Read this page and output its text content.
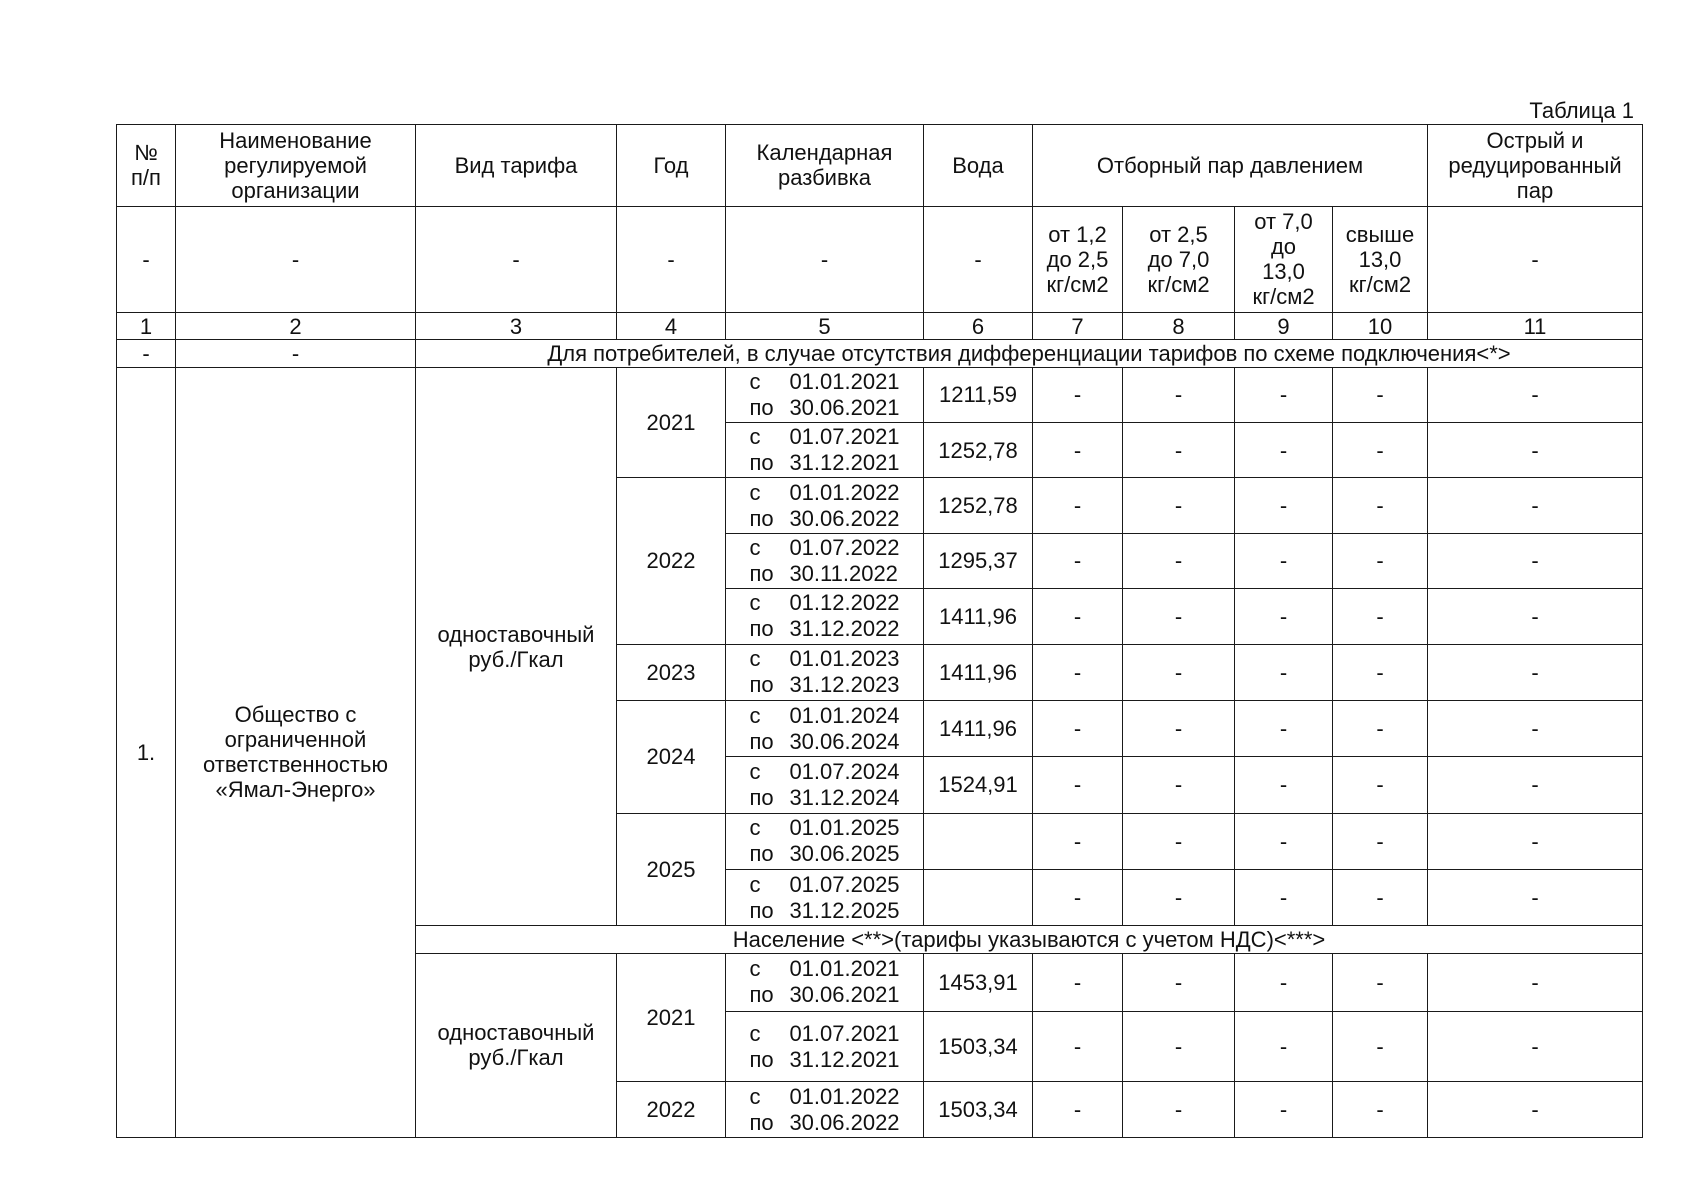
Таблица 1
№
п/п	Наименование
регулируемой
организации	Вид тарифа	Год	Календарная
разбивка	Вода	Отборный пар давлением				Острый и
редуцированный
пар
-	-	-	-	-	-	от 1,2
до 2,5
кг/см2	от 2,5
до 7,0
кг/см2	от 7,0
до
13,0
кг/см2	свыше
13,0
кг/см2	-
1	2	3	4	5	6	7	8	9	10	11
-	-	Для потребителей, в случае отсутствия дифференциации тарифов по схеме подключения<*>								
1.	Общество с
ограниченной
ответственностью
«Ямал-Энерго»	одноставочный
руб./Гкал	2021	с 01.01.2021
по 30.06.2021	1211,59	-	-	-	-	-
				с 01.07.2021
по 31.12.2021	1252,78	-	-	-	-	-
			2022	с 01.01.2022
по 30.06.2022	1252,78	-	-	-	-	-
				с 01.07.2022
по 30.11.2022	1295,37	-	-	-	-	-
				с 01.12.2022
по 31.12.2022	1411,96	-	-	-	-	-
			2023	с 01.01.2023
по 31.12.2023	1411,96	-	-	-	-	-
			2024	с 01.01.2024
по 30.06.2024	1411,96	-	-	-	-	-
				с 01.07.2024
по 31.12.2024	1524,91	-	-	-	-	-
			2025	с 01.01.2025
по 30.06.2025		-	-	-	-	-
				с 01.07.2025
по 31.12.2025		-	-	-	-	-
		Население <**>(тарифы указываются с учетом НДС)<***>								
		одноставочный
руб./Гкал	2021	с 01.01.2021
по 30.06.2021	1453,91	-	-	-	-	-
				с 01.07.2021
по 31.12.2021	1503,34	-	-	-	-	-
			2022	с 01.01.2022
по 30.06.2022	1503,34	-	-	-	-	-
